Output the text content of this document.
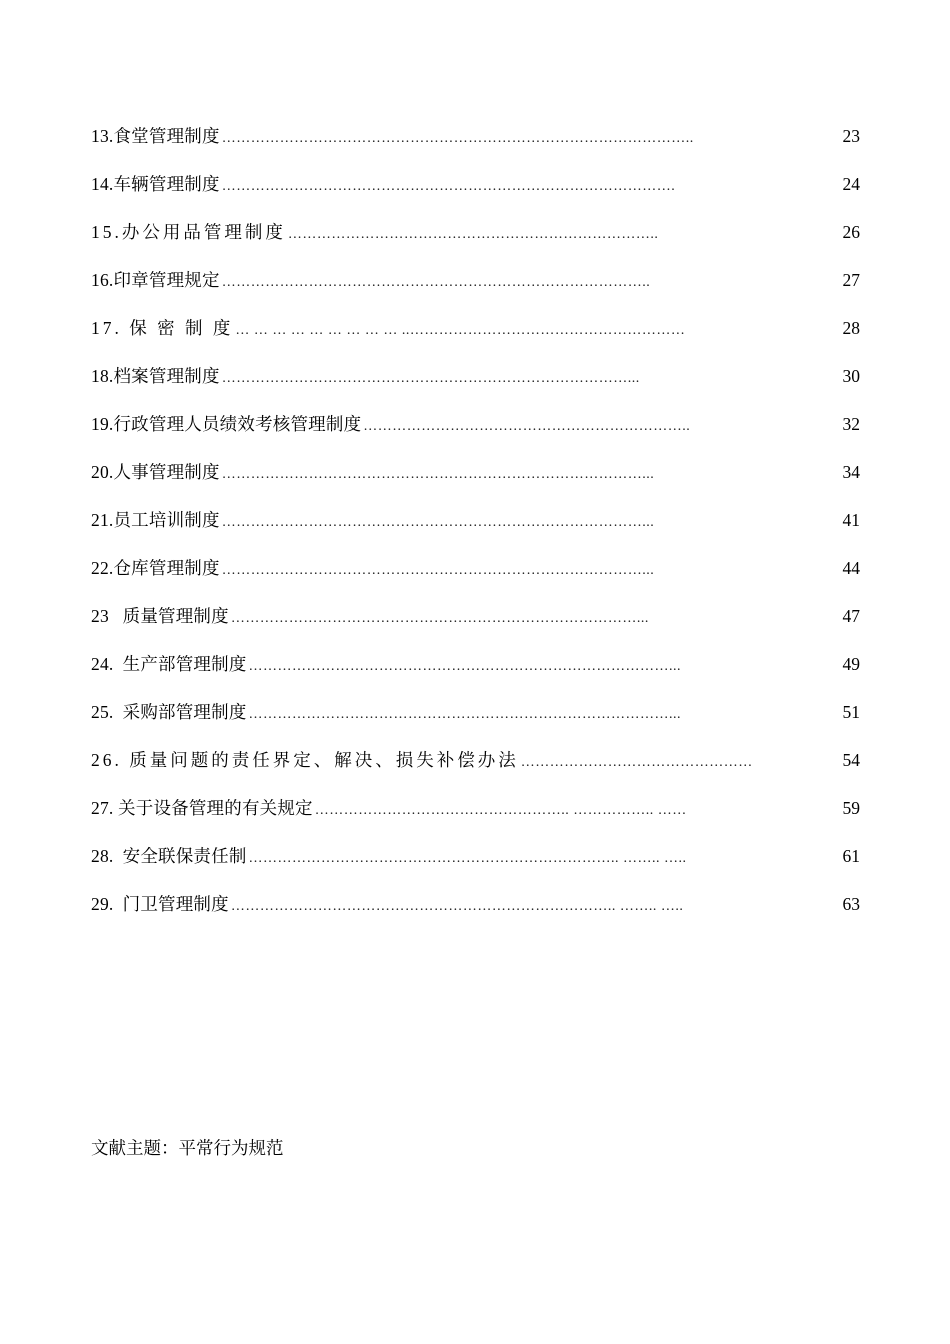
13.食堂管理制度 ……………………………………………………………………………………..	23
14.车辆管理制度 ………………………………………………………………………………….	24
15.办公用品管理制度 …………………………………………………………………..	26
16.印章管理规定 ……………………………………………………………………………..	27
17. 保 密 制 度 … … … … … … … … … ..…………………………………………………	28
18.档案管理制度 …………………………………………………………………………...	30
19.行政管理人员绩效考核管理制度 …………………………………………………………..	32
20.人事管理制度 ……………………………………………………………………………...	34
21.员工培训制度 ……………………………………………………………………………...	41
22.仓库管理制度 ……………………………………………………………………………...	44
23   质量管理制度 …………………………………………………………………………...	47
24.  生产部管理制度 ……………………………………………………………………………...	49
25.  采购部管理制度 ……………………………………………………………………………...	51
26. 质量问题的责任界定、解决、损失补偿办法 …………………………………………	54
27. 关于设备管理的有关规定 …………………………………………….. …………….. ……	59
28.  安全联保责任制 ………………………………………………………………….. …….. …..	61
29.  门卫管理制度 …………………………………………………………………….. …….. …..	63
文献主题：平常行为规范
